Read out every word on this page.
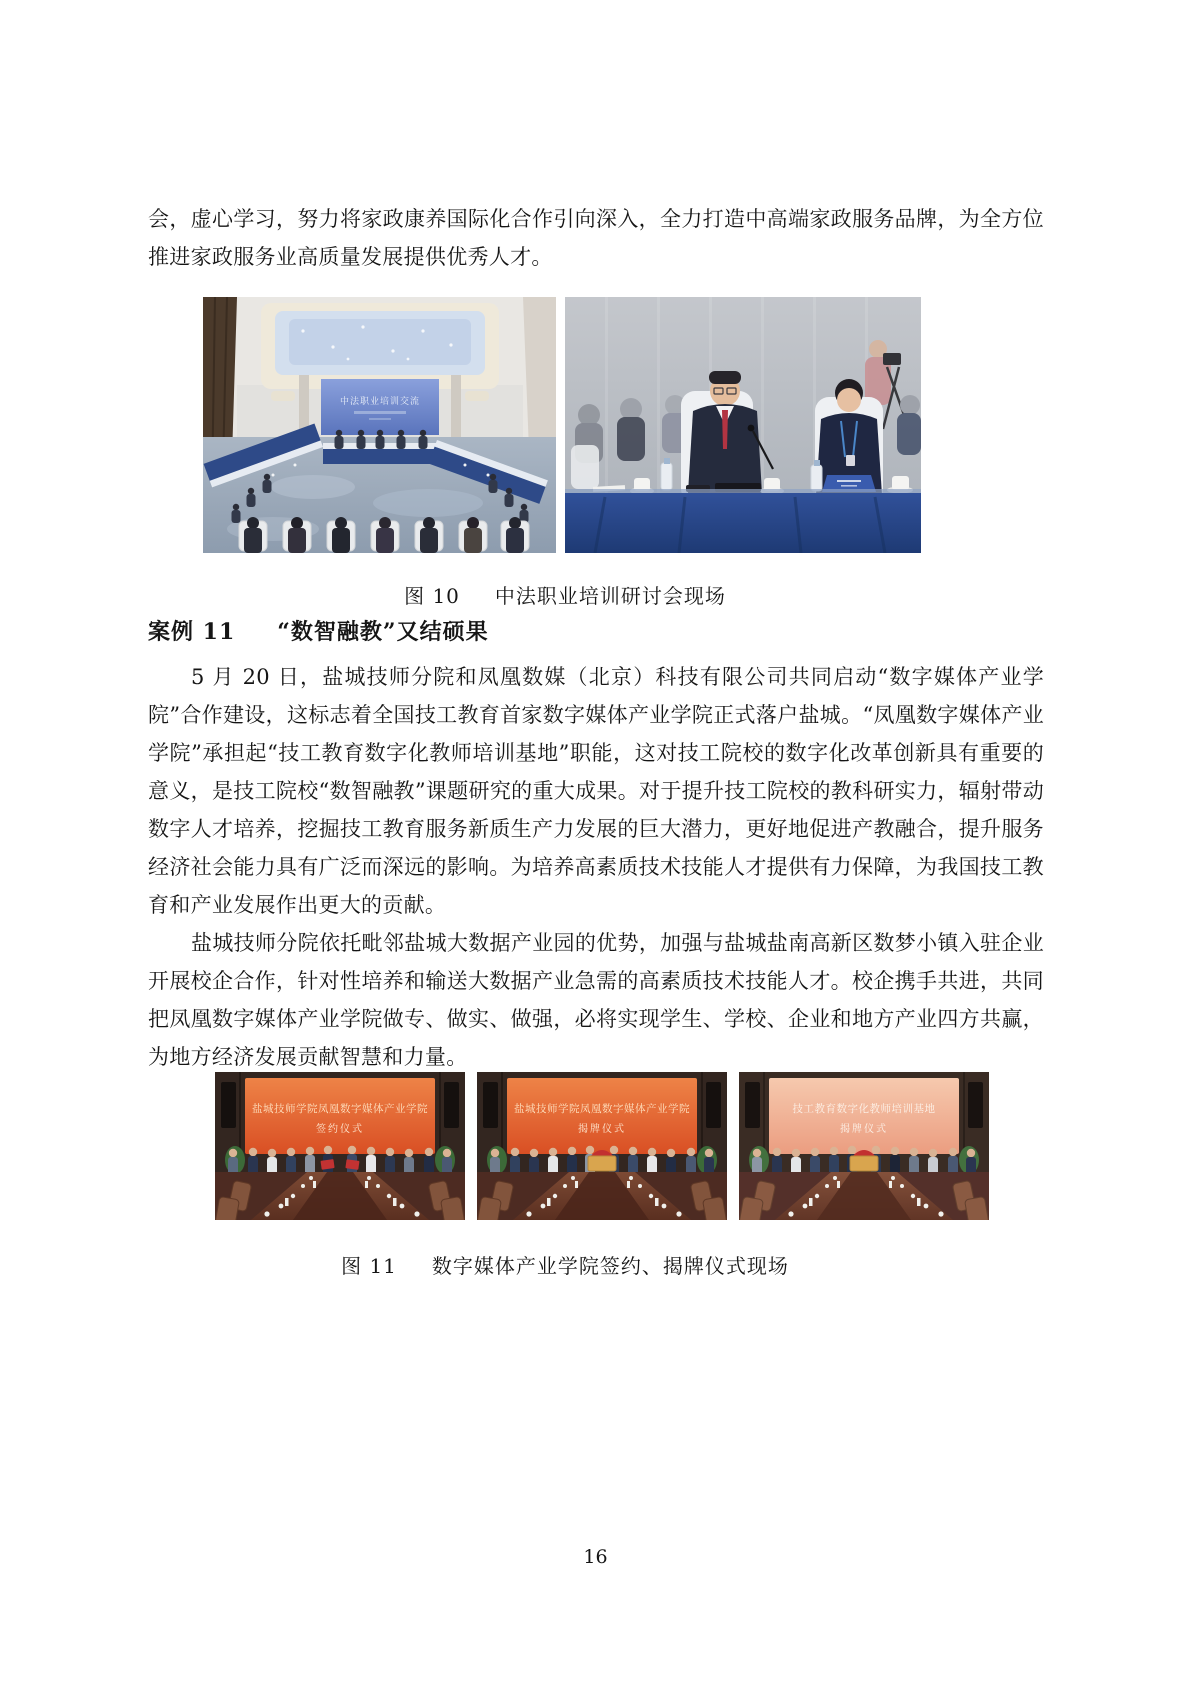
会，虚心学习，努力将家政康养国际化合作引向深入，全力打造中高端家政服务品牌，为全方位推进家政服务业高质量发展提供优秀人才。

中法职业培训交流
图 10 中法职业培训研讨会现场
案例 11 “数智融教”又结硕果

5 月 20 日，盐城技师分院和凤凰数媒（北京）科技有限公司共同启动“数字媒体产业学院”合作建设，这标志着全国技工教育首家数字媒体产业学院正式落户盐城。“凤凰数字媒体产业学院”承担起“技工教育数字化教师培训基地”职能，这对技工院校的数字化改革创新具有重要的意义，是技工院校“数智融教”课题研究的重大成果。对于提升技工院校的教科研实力，辐射带动数字人才培养，挖掘技工教育服务新质生产力发展的巨大潜力，更好地促进产教融合，提升服务经济社会能力具有广泛而深远的影响。为培养高素质技术技能人才提供有力保障，为我国技工教育和产业发展作出更大的贡献。

盐城技师分院依托毗邻盐城大数据产业园的优势，加强与盐城盐南高新区数梦小镇入驻企业开展校企合作，针对性培养和输送大数据产业急需的高素质技术技能人才。校企携手共进，共同把凤凰数字媒体产业学院做专、做实、做强，必将实现学生、学校、企业和地方产业四方共赢，为地方经济发展贡献智慧和力量。

盐城技师学院凤凰数字媒体产业学院
签约仪式
盐城技师学院凤凰数字媒体产业学院
揭牌仪式
技工教育数字化教师培训基地
揭牌仪式
图 11 数字媒体产业学院签约、揭牌仪式现场
16
